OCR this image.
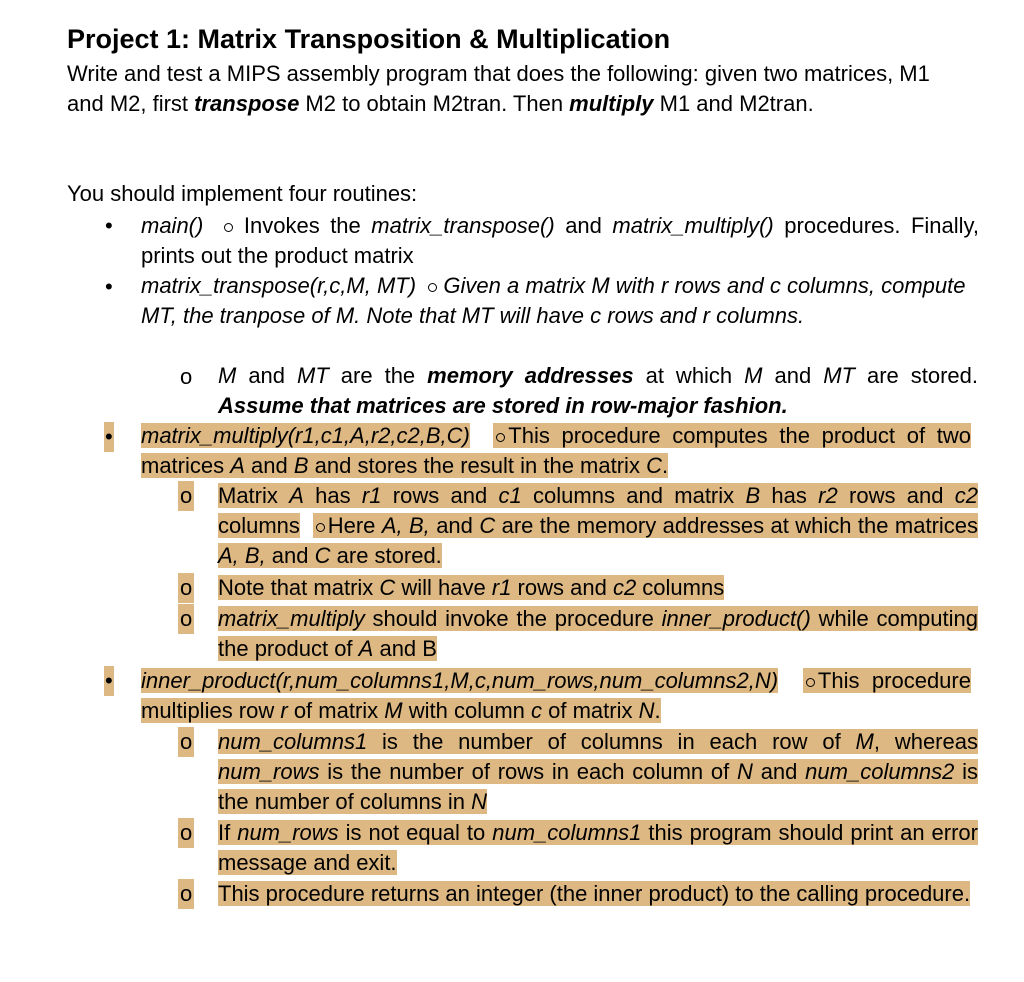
Project 1: Matrix Transposition & Multiplication

Write and test a MIPS assembly program that does the following: given two matrices, M1 and M2, first transpose M2 to obtain M2tran. Then multiply M1 and M2tran.

You should implement four routines:

• main() Invokes the matrix_transpose() and matrix_multiply() procedures. Finally, prints out the product matrix

• matrix_transpose(r,c,M, MT) Given a matrix M with r rows and c columns, compute MT, the tranpose of M. Note that MT will have c rows and r columns.

o M and MT are the memory addresses at which M and MT are stored. Assume that matrices are stored in row-major fashion.

• matrix_multiply(r1,c1,A,r2,c2,B,C) This procedure computes the product of two matrices A and B and stores the result in the matrix C.

o Matrix A has r1 rows and c1 columns and matrix B has r2 rows and c2 columns Here A, B, and C are the memory addresses at which the matrices A, B, and C are stored.

o Note that matrix C will have r1 rows and c2 columns

o matrix_multiply should invoke the procedure inner_product() while computing the product of A and B

• inner_product(r,num_columns1,M,c,num_rows,num_columns2,N) This procedure multiplies row r of matrix M with column c of matrix N.

o num_columns1 is the number of columns in each row of M, whereas num_rows is the number of rows in each column of N and num_columns2 is the number of columns in N

o If num_rows is not equal to num_columns1 this program should print an error message and exit.

o This procedure returns an integer (the inner product) to the calling procedure.
